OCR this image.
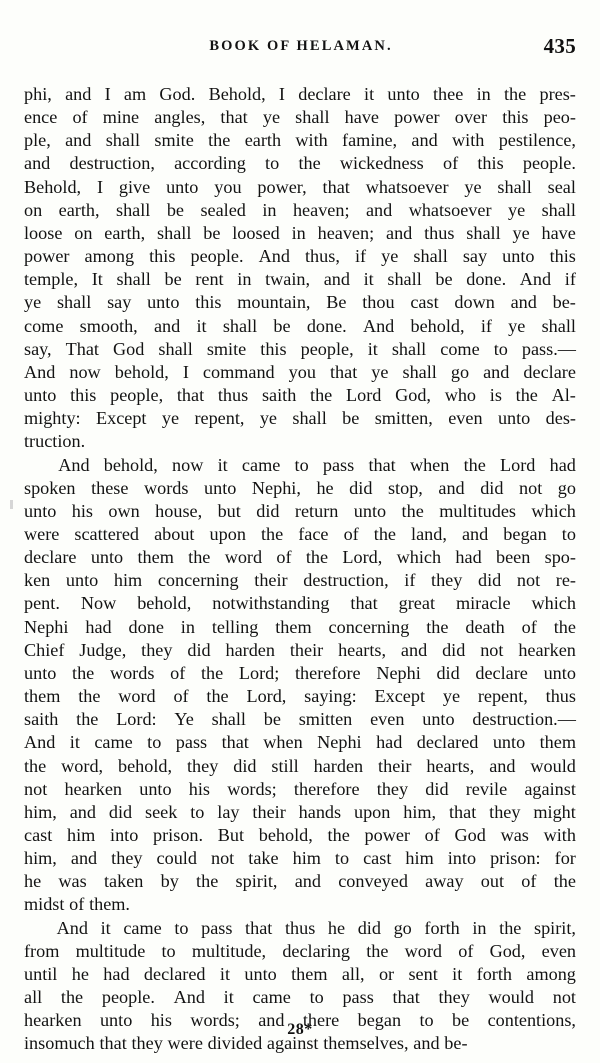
BOOK OF HELAMAN.	435

phi, and I am God. Behold, I declare it unto thee in the pres-
ence of mine angles, that ye shall have power over this peo-
ple, and shall smite the earth with famine, and with pestilence,
and destruction, according to the wickedness of this people.
Behold, I give unto you power, that whatsoever ye shall seal
on earth, shall be sealed in heaven; and whatsoever ye shall
loose on earth, shall be loosed in heaven; and thus shall ye have
power among this people. And thus, if ye shall say unto this
temple, It shall be rent in twain, and it shall be done. And if
ye shall say unto this mountain, Be thou cast down and be-
come smooth, and it shall be done. And behold, if ye shall
say, That God shall smite this people, it shall come to pass.—
And now behold, I command you that ye shall go and declare
unto this people, that thus saith the Lord God, who is the Al-
mighty: Except ye repent, ye shall be smitten, even unto des-
truction.

And behold, now it came to pass that when the Lord had
spoken these words unto Nephi, he did stop, and did not go
unto his own house, but did return unto the multitudes which
were scattered about upon the face of the land, and began to
declare unto them the word of the Lord, which had been spo-
ken unto him concerning their destruction, if they did not re-
pent. Now behold, notwithstanding that great miracle which
Nephi had done in telling them concerning the death of the
Chief Judge, they did harden their hearts, and did not hearken
unto the words of the Lord; therefore Nephi did declare unto
them the word of the Lord, saying: Except ye repent, thus
saith the Lord: Ye shall be smitten even unto destruction.—
And it came to pass that when Nephi had declared unto them
the word, behold, they did still harden their hearts, and would
not hearken unto his words; therefore they did revile against
him, and did seek to lay their hands upon him, that they might
cast him into prison. But behold, the power of God was with
him, and they could not take him to cast him into prison: for
he was taken by the spirit, and conveyed away out of the
midst of them.

And it came to pass that thus he did go forth in the spirit,
from multitude to multitude, declaring the word of God, even
until he had declared it unto them all, or sent it forth among
all the people. And it came to pass that they would not
hearken unto his words; and there began to be contentions,
insomuch that they were divided against themselves, and be-

28*
